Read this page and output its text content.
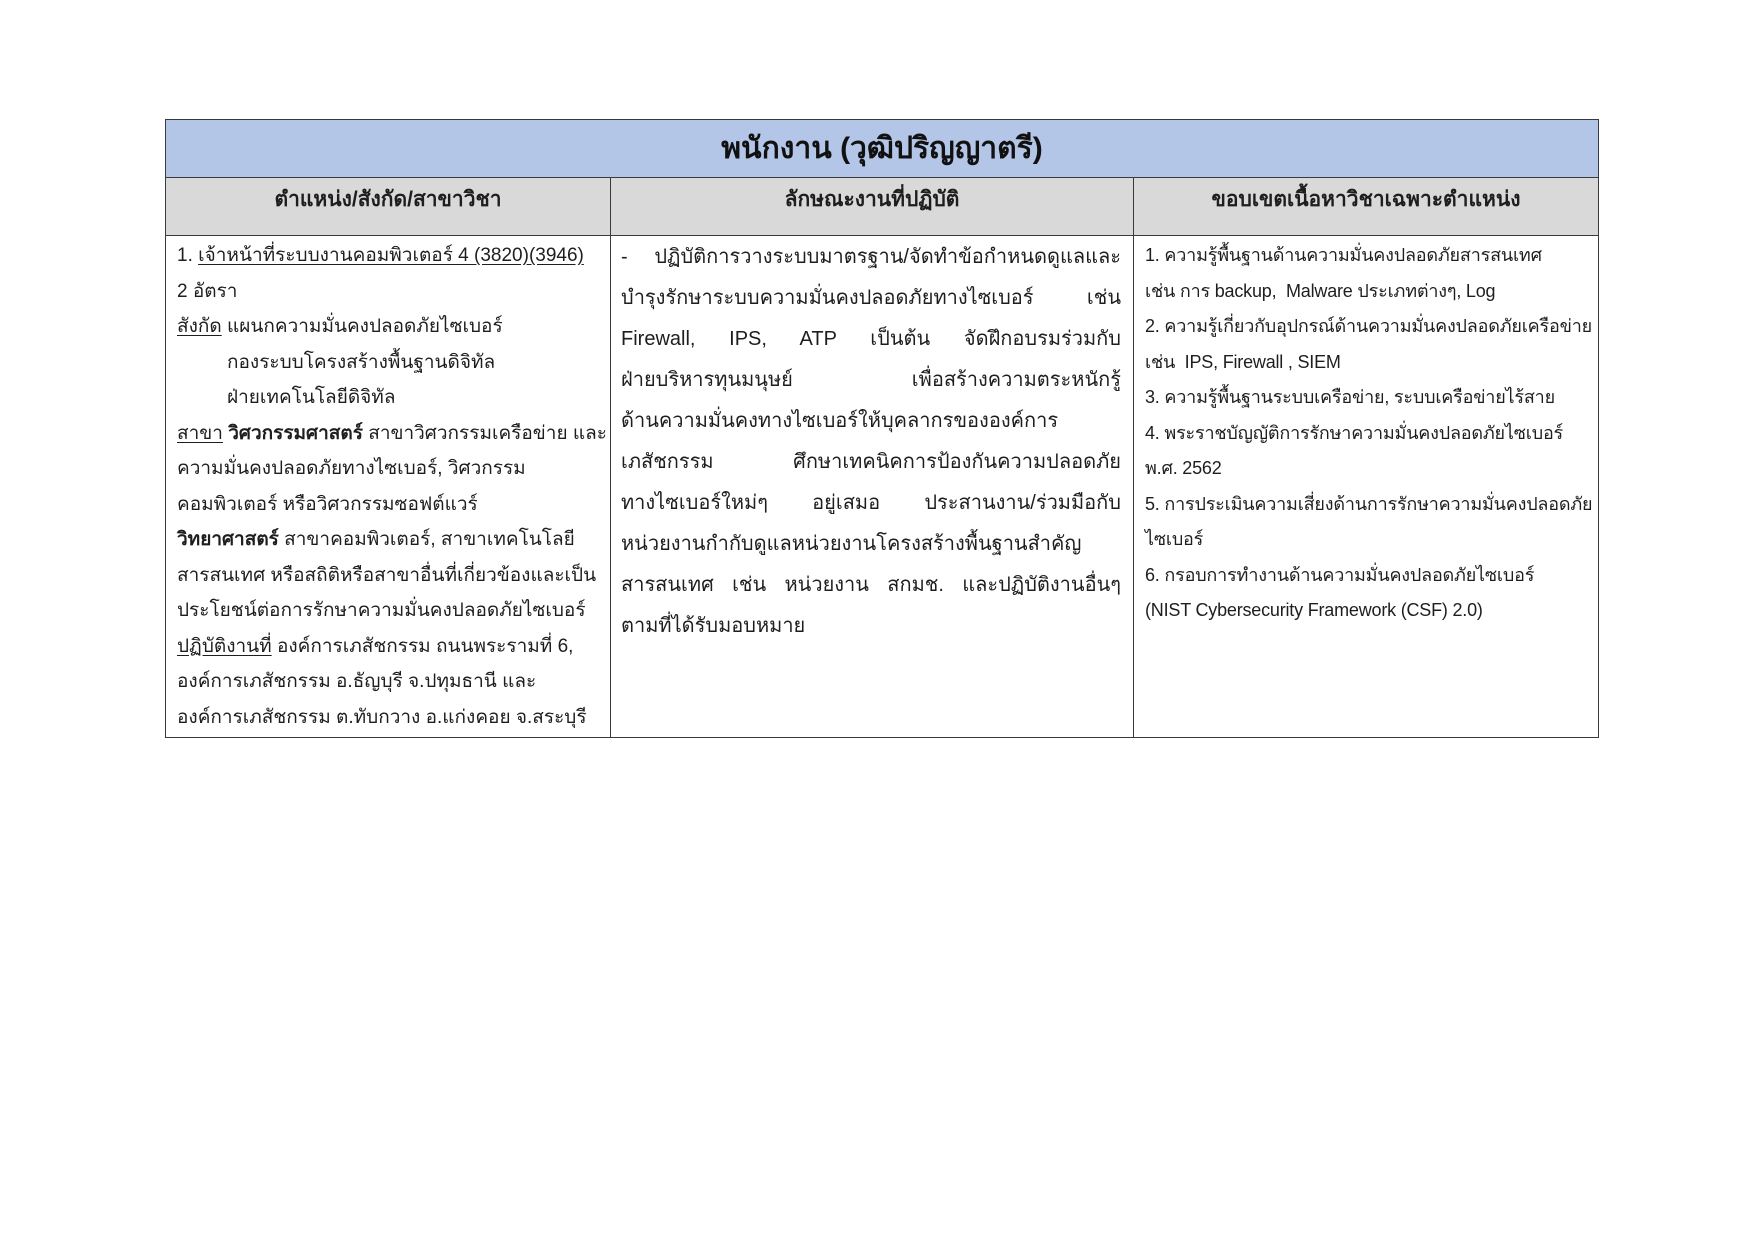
พนักงาน (วุฒิปริญญาตรี)
ตำแหน่ง/สังกัด/สาขาวิชา	ลักษณะงานที่ปฏิบัติ	ขอบเขตเนื้อหาวิชาเฉพาะตำแหน่ง
1. เจ้าหน้าที่ระบบงานคอมพิวเตอร์ 4 (3820)(3946)
2 อัตรา
สังกัด แผนกความมั่นคงปลอดภัยไซเบอร์
กองระบบโครงสร้างพื้นฐานดิจิทัล
ฝ่ายเทคโนโลยีดิจิทัล
สาขา วิศวกรรมศาสตร์ สาขาวิศวกรรมเครือข่าย และ
ความมั่นคงปลอดภัยทางไซเบอร์, วิศวกรรม
คอมพิวเตอร์ หรือวิศวกรรมซอฟต์แวร์
วิทยาศาสตร์ สาขาคอมพิวเตอร์, สาขาเทคโนโลยี
สารสนเทศ หรือสถิติหรือสาขาอื่นที่เกี่ยวข้องและเป็น
ประโยชน์ต่อการรักษาความมั่นคงปลอดภัยไซเบอร์
ปฏิบัติงานที่ องค์การเภสัชกรรม ถนนพระรามที่ 6,
องค์การเภสัชกรรม อ.ธัญบุรี จ.ปทุมธานี และ
องค์การเภสัชกรรม ต.ทับกวาง อ.แก่งคอย จ.สระบุรี
- ปฏิบัติการวางระบบมาตรฐาน/จัดทำข้อกำหนดดูแลและ
บำรุงรักษาระบบความมั่นคงปลอดภัยทางไซเบอร์ เช่น
Firewall, IPS, ATP เป็นต้น จัดฝึกอบรมร่วมกับ
ฝ่ายบริหารทุนมนุษย์ เพื่อสร้างความตระหนักรู้
ด้านความมั่นคงทางไซเบอร์ให้บุคลากรขององค์การ
เภสัชกรรม ศึกษาเทคนิคการป้องกันความปลอดภัย
ทางไซเบอร์ใหม่ๆ อยู่เสมอ ประสานงาน/ร่วมมือกับ
หน่วยงานกำกับดูแลหน่วยงานโครงสร้างพื้นฐานสำคัญ
สารสนเทศ เช่น หน่วยงาน สกมช. และปฏิบัติงานอื่นๆ
ตามที่ได้รับมอบหมาย
1. ความรู้พื้นฐานด้านความมั่นคงปลอดภัยสารสนเทศ
เช่น การ backup,  Malware ประเภทต่างๆ, Log
2. ความรู้เกี่ยวกับอุปกรณ์ด้านความมั่นคงปลอดภัยเครือข่าย
เช่น  IPS, Firewall , SIEM
3. ความรู้พื้นฐานระบบเครือข่าย, ระบบเครือข่ายไร้สาย
4. พระราชบัญญัติการรักษาความมั่นคงปลอดภัยไซเบอร์
พ.ศ. 2562
5. การประเมินความเสี่ยงด้านการรักษาความมั่นคงปลอดภัย
ไซเบอร์
6. กรอบการทำงานด้านความมั่นคงปลอดภัยไซเบอร์
(NIST Cybersecurity Framework (CSF) 2.0)
